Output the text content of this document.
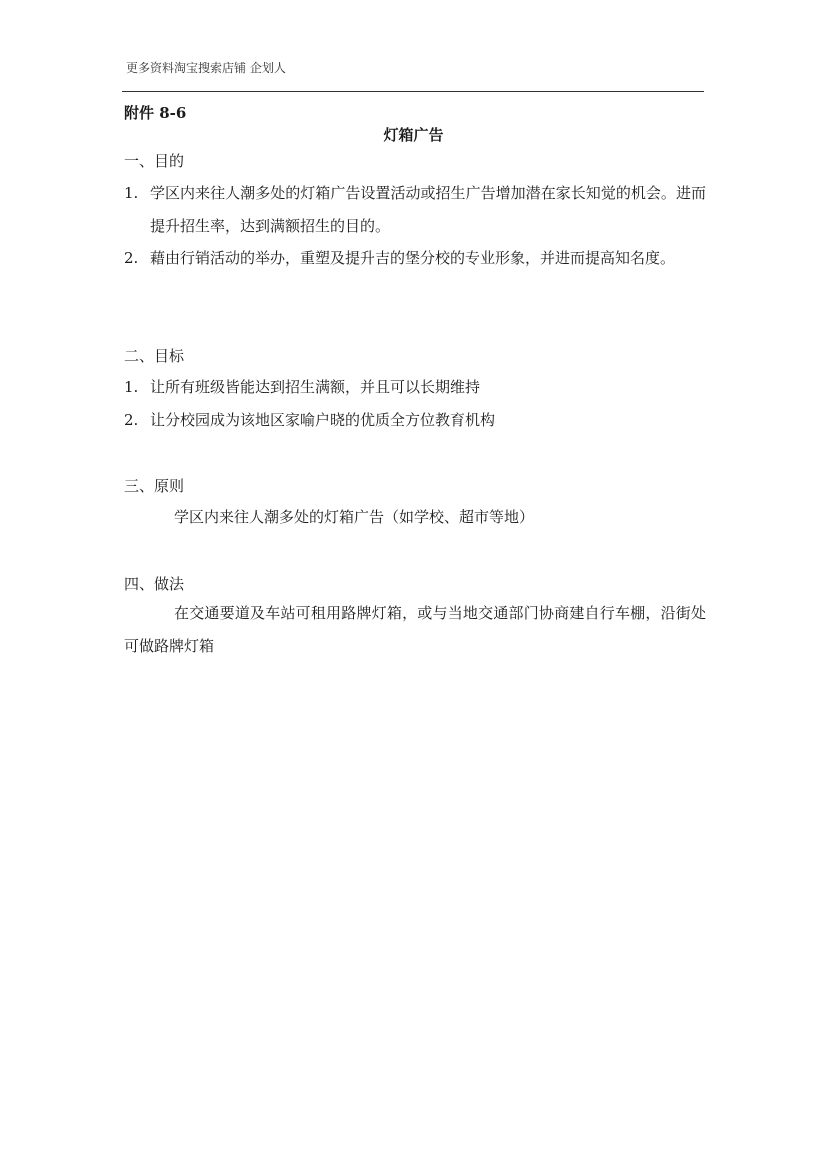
更多资料淘宝搜索店铺 企划人
附件 8-6
灯箱广告
一、目的
1. 学区内来往人潮多处的灯箱广告设置活动或招生广告增加潜在家长知觉的机会。进而提升招生率，达到满额招生的目的。
2. 藉由行销活动的举办，重塑及提升吉的堡分校的专业形象，并进而提高知名度。
二、目标
1. 让所有班级皆能达到招生满额，并且可以长期维持
2. 让分校园成为该地区家喻户晓的优质全方位教育机构
三、原则
学区内来往人潮多处的灯箱广告（如学校、超市等地）
四、做法
在交通要道及车站可租用路牌灯箱，或与当地交通部门协商建自行车棚，沿街处可做路牌灯箱
